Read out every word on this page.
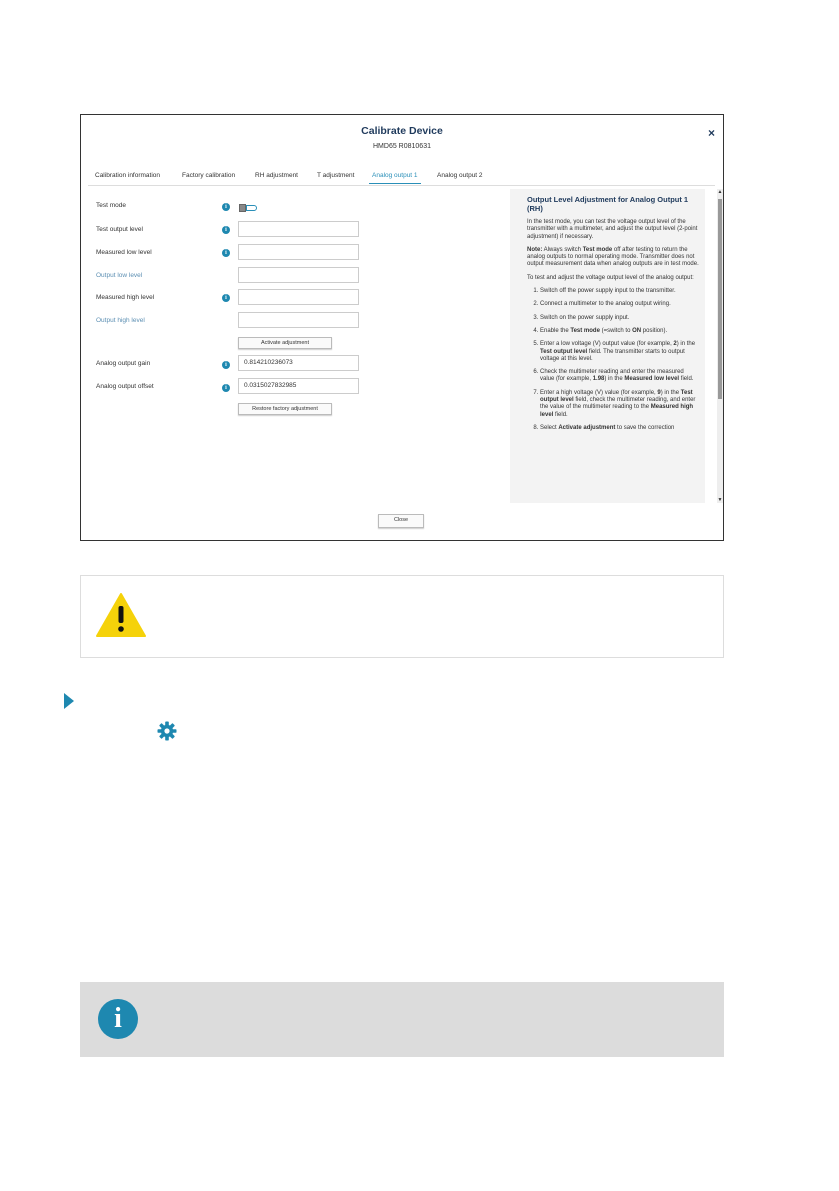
Calibrate Device
HMD65 R0810631
×
Calibration information	Factory calibration	RH adjustment	T adjustment	Analog output 1	Analog output 2
Test mode	i
Test output level	i
Measured low level	i
Output low level
Measured high level	i
Output high level
Activate adjustment
Analog output gain	i	0.814210236073
Analog output offset	i	0.0315027832985
Restore factory adjustment
Output Level Adjustment for Analog Output 1 (RH)

In the test mode, you can test the voltage output level of the transmitter with a multimeter, and adjust the output level (2-point adjustment) if necessary.

Note: Always switch Test mode off after testing to return the analog outputs to normal operating mode. Transmitter does not output measurement data when analog outputs are in test mode.

To test and adjust the voltage output level of the analog output:

1. Switch off the power supply input to the transmitter.
2. Connect a multimeter to the analog output wiring.
3. Switch on the power supply input.
4. Enable the Test mode (=switch to ON position).
5. Enter a low voltage (V) output value (for example, 2) in the Test output level field. The transmitter starts to output voltage at this level.
6. Check the multimeter reading and enter the measured value (for example, 1.98) in the Measured low level field.
7. Enter a high voltage (V) value (for example, 9) in the Test output level field, check the multimeter reading, and enter the value of the multimeter reading to the Measured high level field.
8. Select Activate adjustment to save the correction
▲
▼
Close
i
